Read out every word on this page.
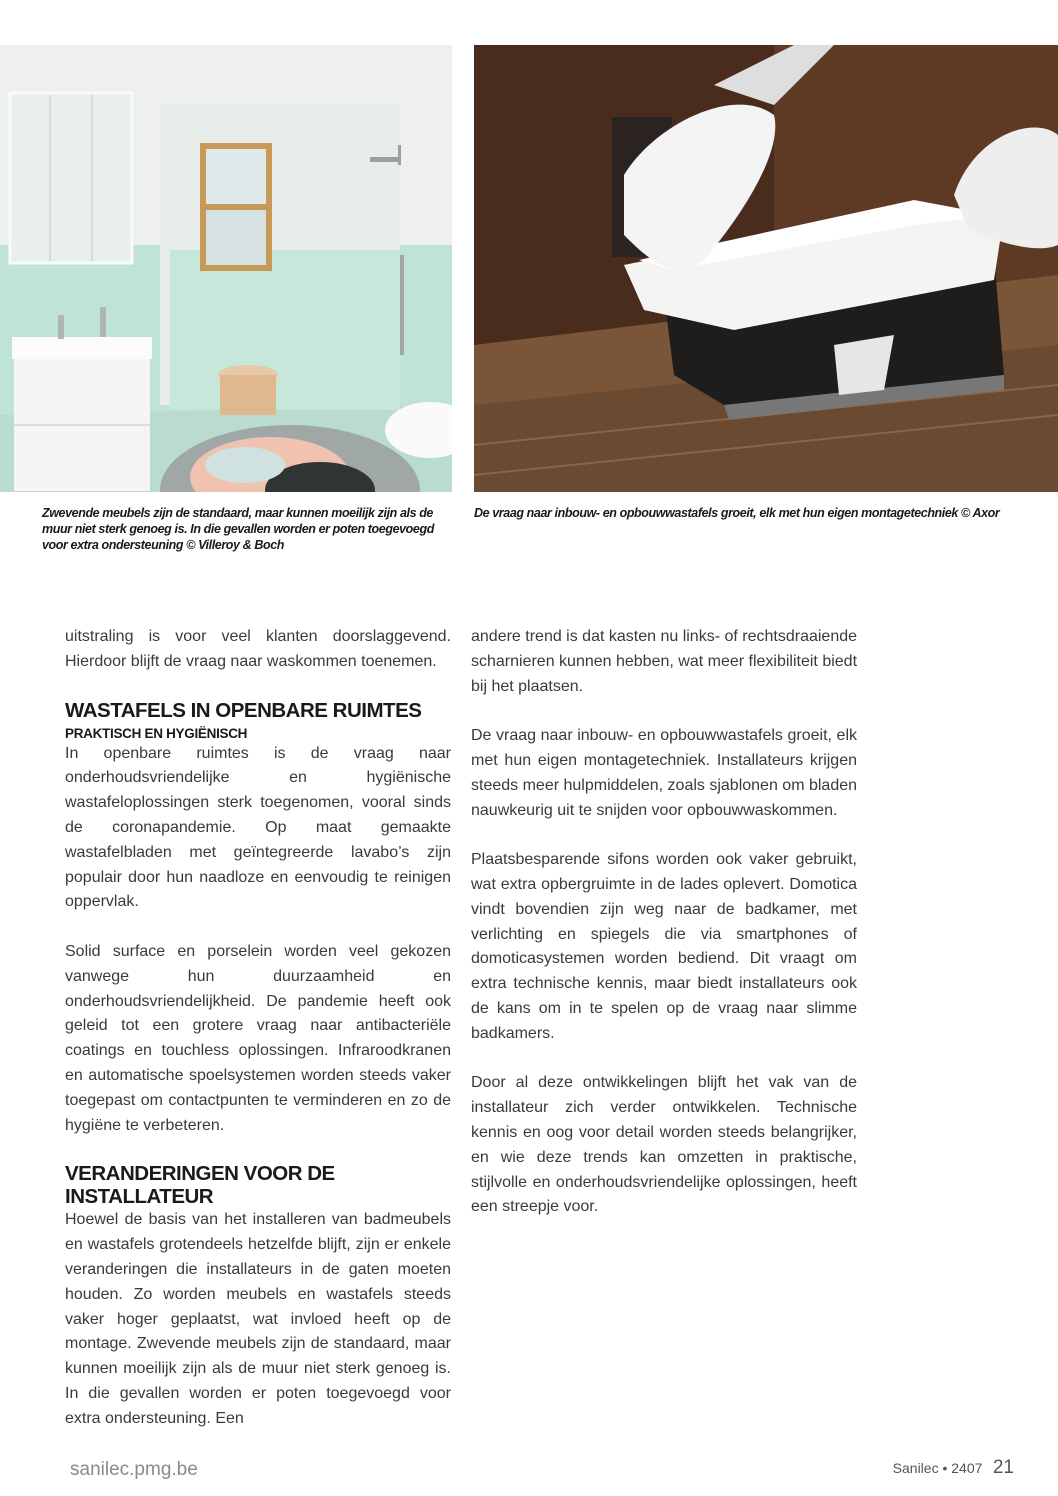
Zwevende meubels zijn de standaard, maar kunnen moeilijk zijn als de muur niet sterk genoeg is. In die gevallen worden er poten toegevoegd voor extra ondersteuning © Villeroy & Boch

De vraag naar inbouw- en opbouwwastafels groeit, elk met hun eigen montagetechniek © Axor

uitstraling is voor veel klanten doorslaggevend. Hierdoor blijft de vraag naar waskommen toenemen.

WASTAFELS IN OPENBARE RUIMTES
PRAKTISCH EN HYGIËNISCH

In openbare ruimtes is de vraag naar onderhoudsvriendelijke en hygiënische wastafeloplossingen sterk toegenomen, vooral sinds de coronapandemie. Op maat gemaakte wastafelbladen met geïntegreerde lavabo’s zijn populair door hun naadloze en eenvoudig te reinigen oppervlak.

Solid surface en porselein worden veel gekozen vanwege hun duurzaamheid en onderhoudsvriendelijkheid. De pandemie heeft ook geleid tot een grotere vraag naar antibacteriële coatings en touchless oplossingen. Infraroodkranen en automatische spoelsystemen worden steeds vaker toegepast om contactpunten te verminderen en zo de hygiëne te verbeteren.

VERANDERINGEN VOOR DE INSTALLATEUR

Hoewel de basis van het installeren van badmeubels en wastafels grotendeels hetzelfde blijft, zijn er enkele veranderingen die installateurs in de gaten moeten houden. Zo worden meubels en wastafels steeds vaker hoger geplaatst, wat invloed heeft op de montage. Zwevende meubels zijn de standaard, maar kunnen moeilijk zijn als de muur niet sterk genoeg is. In die gevallen worden er poten toegevoegd voor extra ondersteuning. Een

andere trend is dat kasten nu links- of rechtsdraaiende scharnieren kunnen hebben, wat meer flexibiliteit biedt bij het plaatsen.

De vraag naar inbouw- en opbouwwastafels groeit, elk met hun eigen montagetechniek. Installateurs krijgen steeds meer hulpmiddelen, zoals sjablonen om bladen nauwkeurig uit te snijden voor opbouwwaskommen.

Plaatsbesparende sifons worden ook vaker gebruikt, wat extra opbergruimte in de lades oplevert. Domotica vindt bovendien zijn weg naar de badkamer, met verlichting en spiegels die via smartphones of domoticasystemen worden bediend. Dit vraagt om extra technische kennis, maar biedt installateurs ook de kans om in te spelen op de vraag naar slimme badkamers.

Door al deze ontwikkelingen blijft het vak van de installateur zich verder ontwikkelen. Technische kennis en oog voor detail worden steeds belangrijker, en wie deze trends kan omzetten in praktische, stijlvolle en onderhoudsvriendelijke oplossingen, heeft een streepje voor.

sanilec.pmg.be	Sanilec • 2407 21
